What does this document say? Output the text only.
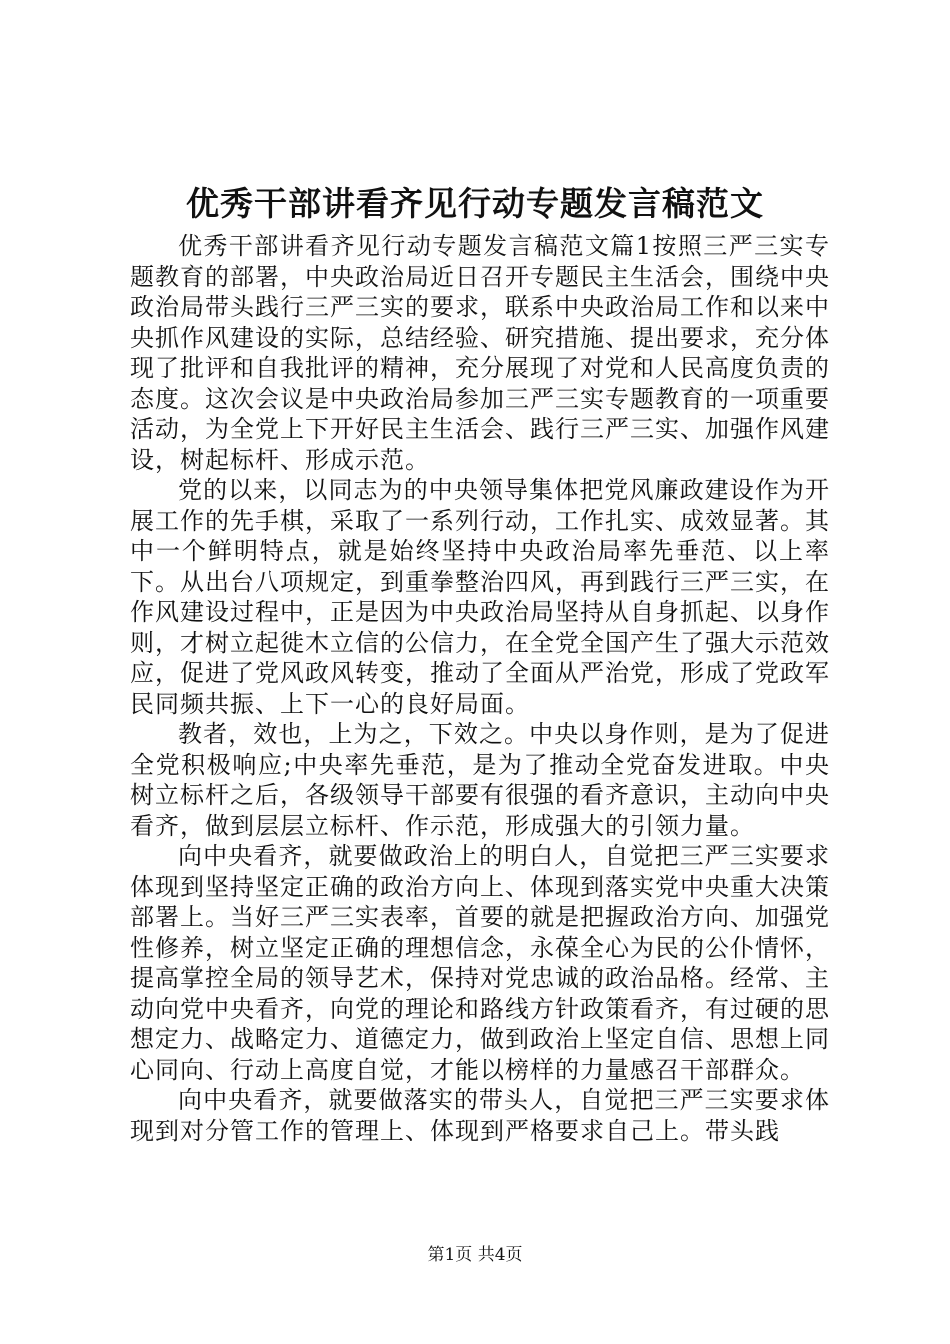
优秀干部讲看齐见行动专题发言稿范文

优秀干部讲看齐见行动专题发言稿范文篇1按照三严三实专题教育的部署，中央政治局近日召开专题民主生活会，围绕中央政治局带头践行三严三实的要求，联系中央政治局工作和以来中央抓作风建设的实际，总结经验、研究措施、提出要求，充分体现了批评和自我批评的精神，充分展现了对党和人民高度负责的态度。这次会议是中央政治局参加三严三实专题教育的一项重要活动，为全党上下开好民主生活会、践行三严三实、加强作风建设，树起标杆、形成示范。

党的以来，以同志为的中央领导集体把党风廉政建设作为开展工作的先手棋，采取了一系列行动，工作扎实、成效显著。其中一个鲜明特点，就是始终坚持中央政治局率先垂范、以上率下。从出台八项规定，到重拳整治四风，再到践行三严三实，在作风建设过程中，正是因为中央政治局坚持从自身抓起、以身作则，才树立起徙木立信的公信力，在全党全国产生了强大示范效应，促进了党风政风转变，推动了全面从严治党，形成了党政军民同频共振、上下一心的良好局面。

教者，效也，上为之，下效之。中央以身作则，是为了促进全党积极响应;中央率先垂范，是为了推动全党奋发进取。中央树立标杆之后，各级领导干部要有很强的看齐意识，主动向中央看齐，做到层层立标杆、作示范，形成强大的引领力量。

向中央看齐，就要做政治上的明白人，自觉把三严三实要求体现到坚持坚定正确的政治方向上、体现到落实党中央重大决策部署上。当好三严三实表率，首要的就是把握政治方向、加强党性修养，树立坚定正确的理想信念，永葆全心为民的公仆情怀，提高掌控全局的领导艺术，保持对党忠诚的政治品格。经常、主动向党中央看齐，向党的理论和路线方针政策看齐，有过硬的思想定力、战略定力、道德定力，做到政治上坚定自信、思想上同心同向、行动上高度自觉，才能以榜样的力量感召干部群众。

向中央看齐，就要做落实的带头人，自觉把三严三实要求体现到对分管工作的管理上、体现到严格要求自己上。带头践

第1页 共4页
